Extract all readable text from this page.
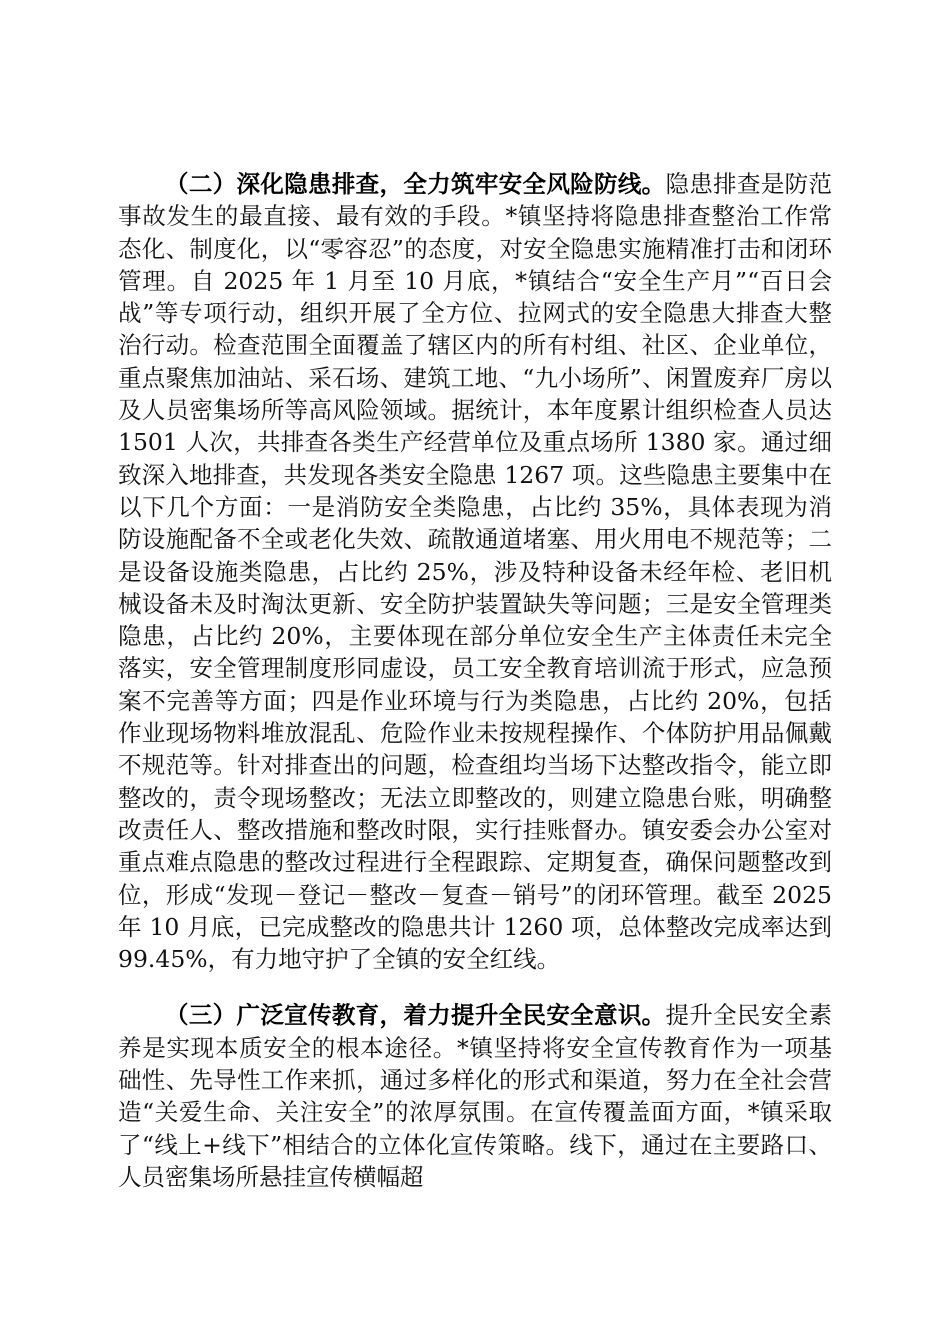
（二）深化隐患排查，全力筑牢安全风险防线。隐患排查是防范事故发生的最直接、最有效的手段。*镇坚持将隐患排查整治工作常态化、制度化，以“零容忍”的态度，对安全隐患实施精准打击和闭环管理。自 2025 年 1 月至 10 月底，*镇结合“安全生产月”“百日会战”等专项行动，组织开展了全方位、拉网式的安全隐患大排查大整治行动。检查范围全面覆盖了辖区内的所有村组、社区、企业单位，重点聚焦加油站、采石场、建筑工地、“九小场所”、闲置废弃厂房以及人员密集场所等高风险领域。据统计，本年度累计组织检查人员达 1501 人次，共排查各类生产经营单位及重点场所 1380 家。通过细致深入地排查，共发现各类安全隐患 1267 项。这些隐患主要集中在以下几个方面：一是消防安全类隐患，占比约 35%，具体表现为消防设施配备不全或老化失效、疏散通道堵塞、用火用电不规范等；二是设备设施类隐患，占比约 25%，涉及特种设备未经年检、老旧机械设备未及时淘汰更新、安全防护装置缺失等问题；三是安全管理类隐患，占比约 20%，主要体现在部分单位安全生产主体责任未完全落实，安全管理制度形同虚设，员工安全教育培训流于形式，应急预案不完善等方面；四是作业环境与行为类隐患，占比约 20%，包括作业现场物料堆放混乱、危险作业未按规程操作、个体防护用品佩戴不规范等。针对排查出的问题，检查组均当场下达整改指令，能立即整改的，责令现场整改；无法立即整改的，则建立隐患台账，明确整改责任人、整改措施和整改时限，实行挂账督办。镇安委会办公室对重点难点隐患的整改过程进行全程跟踪、定期复查，确保问题整改到位，形成“发现－登记－整改－复查－销号”的闭环管理。截至 2025 年 10 月底，已完成整改的隐患共计 1260 项，总体整改完成率达到 99.45%，有力地守护了全镇的安全红线。

（三）广泛宣传教育，着力提升全民安全意识。提升全民安全素养是实现本质安全的根本途径。*镇坚持将安全宣传教育作为一项基础性、先导性工作来抓，通过多样化的形式和渠道，努力在全社会营造“关爱生命、关注安全”的浓厚氛围。在宣传覆盖面方面，*镇采取了“线上+线下”相结合的立体化宣传策略。线下，通过在主要路口、人员密集场所悬挂宣传横幅超
